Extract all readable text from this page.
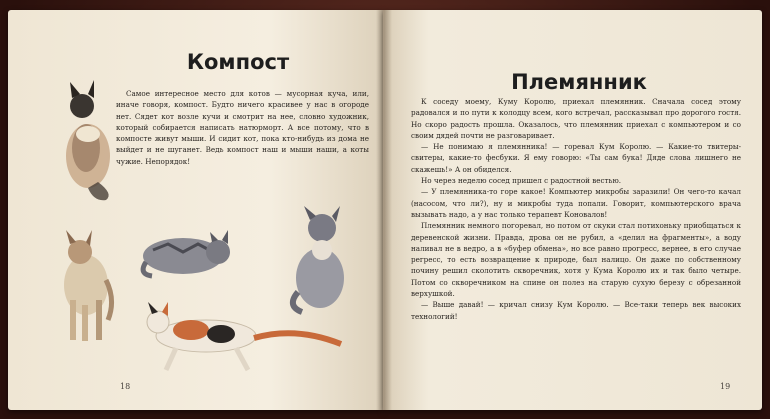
Компост

Самое интересное место для котов — мусорная куча, или, иначе говоря, компост. Будто ничего красивее у нас в огороде нет. Сядет кот возле кучи и смотрит на нее, словно художник, который собирается написать натюрморт. А все потому, что в компосте живут мыши. И сидит кот, пока кто-нибудь из дома не выйдет и не шуганет. Ведь компост наш и мыши наши, а коты чужие. Непорядок!

18
Племянник

К соседу моему, Куму Королю, приехал племянник. Сначала сосед этому радовался и по пути к колодцу всем, кого встречал, рассказывал про дорогого гостя. Но скоро радость прошла. Оказалось, что племянник приехал с компьютером и со своим дядей почти не разговаривает.

— Не понимаю я племянника! — горевал Кум Королю. — Какие-то твитеры-свитеры, какие-то фесбуки. Я ему говорю: «Ты сам бука! Дяде слова лишнего не скажешь!» А он обиделся.

Но через неделю сосед пришел с радостной вестью.

— У племянника-то горе какое! Компьютер микробы заразили! Он чего-то качал (насосом, что ли?), ну и микробы туда попали. Говорит, компьютерского врача вызывать надо, а у нас только терапевт Коновалов!

Племянник немного погоревал, но потом от скуки стал потихоньку приобщаться к деревенской жизни. Правда, дрова он не рубил, а «делил на фрагменты», а воду наливал не в ведро, а в «буфер обмена», но все равно прогресс, вернее, в его случае регресс, то есть возвращение к природе, был налицо. Он даже по собственному почину решил сколотить скворечник, хотя у Кума Королю их и так было четыре. Потом со скворечником на спине он полез на старую сухую березу с обрезанной верхушкой.

— Выше давай! — кричал снизу Кум Королю. — Все-таки теперь век высоких технологий!

19
